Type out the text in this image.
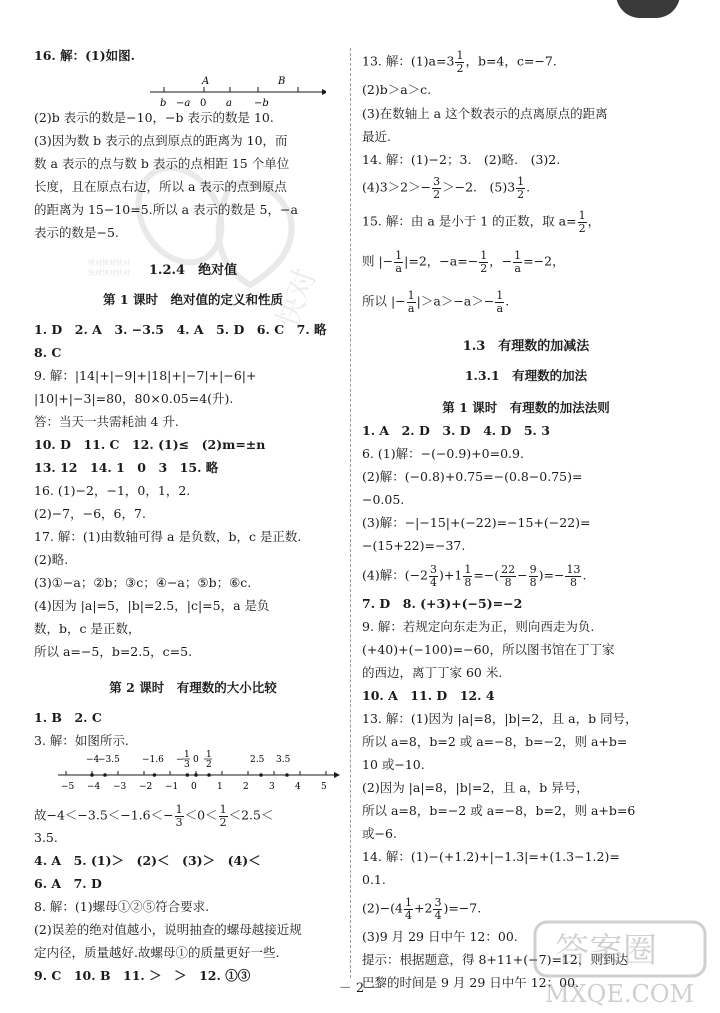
快对快对快对
快对快对快对	快对
16. 解：(1)如图.
A	B
b −a 0 a −b
(2)b 表示的数是−10，−b 表示的数是 10.
(3)因为数 b 表示的点到原点的距离为 10，而
数 a 表示的点与数 b 表示的点相距 15 个单位
长度，且在原点右边，所以 a 表示的点到原点
的距离为 15−10=5.所以 a 表示的数是 5，−a
表示的数是−5.
1.2.4　绝对值
第 1 课时　绝对值的定义和性质
1. D　2. A　3. −3.5　4. A　5. D　6. C　7. 略
8. C
9. 解：|14|+|−9|+|18|+|−7|+|−6|+
|10|+|−3|=80，80×0.05=4(升).
答：当天一共需耗油 4 升.
10. D　11. C　12. (1)≤　(2)m=±n
13. 12　14. 1　0　3　15. 略
16. (1)−2，−1，0，1，2.
(2)−7，−6，6，7.
17. 解：(1)由数轴可得 a 是负数，b，c 是正数.
(2)略.
(3)①−a；②b；③c；④−a；⑤b；⑥c.
(4)因为 |a|=5，|b|=2.5，|c|=5，a 是负
数，b，c 是正数，
所以 a=−5，b=2.5，c=5.
第 2 课时　有理数的大小比较
1. B　2. C
3. 解：如图所示.
−4
−3.5 −1.6 − 1
3 0 1
2	2.5 3.5
−5 −4 −3 −2 −1 0 1 2 3 4 5
故$-4<-3.5<-1.6<- \frac{1}{3} <0< \frac{1}{2} <2.5<$
3.5.
4. A　5. (1)＞　(2)＜　(3)＞　(4)＜
6. A　7. D
8. 解：(1)螺母①②⑤符合要求.
(2)误差的绝对值越小，说明抽查的螺母越接近规
定内径，质量越好.故螺母①的质量更好一些.
9. C　10. B　11. ＞　＞　12. ①③
13. 解：$(1)a=3 \frac{1}{2}$ ，b=4，c=−7.
(2)b＞a＞c.
(3)在数轴上 a 这个数表示的点离原点的距离
最近.
14. 解：(1)−2；3.　(2)略.　(3)2.
$(4)3>2>- \frac{3}{2} >-2$.　$(5)3 \frac{1}{2}$ .
15. 解：由 a 是小于 1 的正数，取 $a= \frac{1}{2}$ ，
则 |− $\frac{1}{a} |=2$，$-a=- \frac{1}{2}$ ，− $\frac{1}{a} =-2$，
所以 |− $\frac{1}{a} |>a>-a>- \frac{1}{a}$ .
1.3　有理数的加减法
1.3.1　有理数的加法
第 1 课时　有理数的加法法则
1. A　2. D　3. D　4. D　5. 3
6. (1)解：−(−0.9)+0=0.9.
(2)解：(−0.8)+0.75=−(0.8−0.75)=
−0.05.
(3)解：−|−15|+(−22)=−15+(−22)=
−(15+22)=−37.
(4)解：$(-2 \frac{3}{4} )+1 \frac{1}{8}$ =−( $\frac{22}{8} - \frac{9}{8}$ )=− $\frac{13}{8}$ .
7. D　8. (+3)+(−5)=−2
9. 解：若规定向东走为正，则向西走为负.
(+40)+(−100)=−60，所以图书馆在丁丁家
的西边，离丁丁家 60 米.
10. A　11. D　12. 4
13. 解：(1)因为 |a|=8，|b|=2，且 a，b 同号，
所以 a=8，b=2 或 a=−8，b=−2，则 a+b=
10 或−10.
(2)因为 |a|=8，|b|=2，且 a，b 异号，
所以 a=8，b=−2 或 a=−8，b=2，则 a+b=6
或−6.
14. 解：(1)−(+1.2)+|−1.3|=+(1.3−1.2)=
0.1.
$(2)-(4 \frac{1}{4} +2 \frac{3}{4} )=-7$.
(3)9 月 29 日中午 12：00.
提示：根据题意，得 8+11+(−7)=12，则到达
巴黎的时间是 9 月 29 日中午 12：00.
答案圈
MXQE.COM
－ 2 －
